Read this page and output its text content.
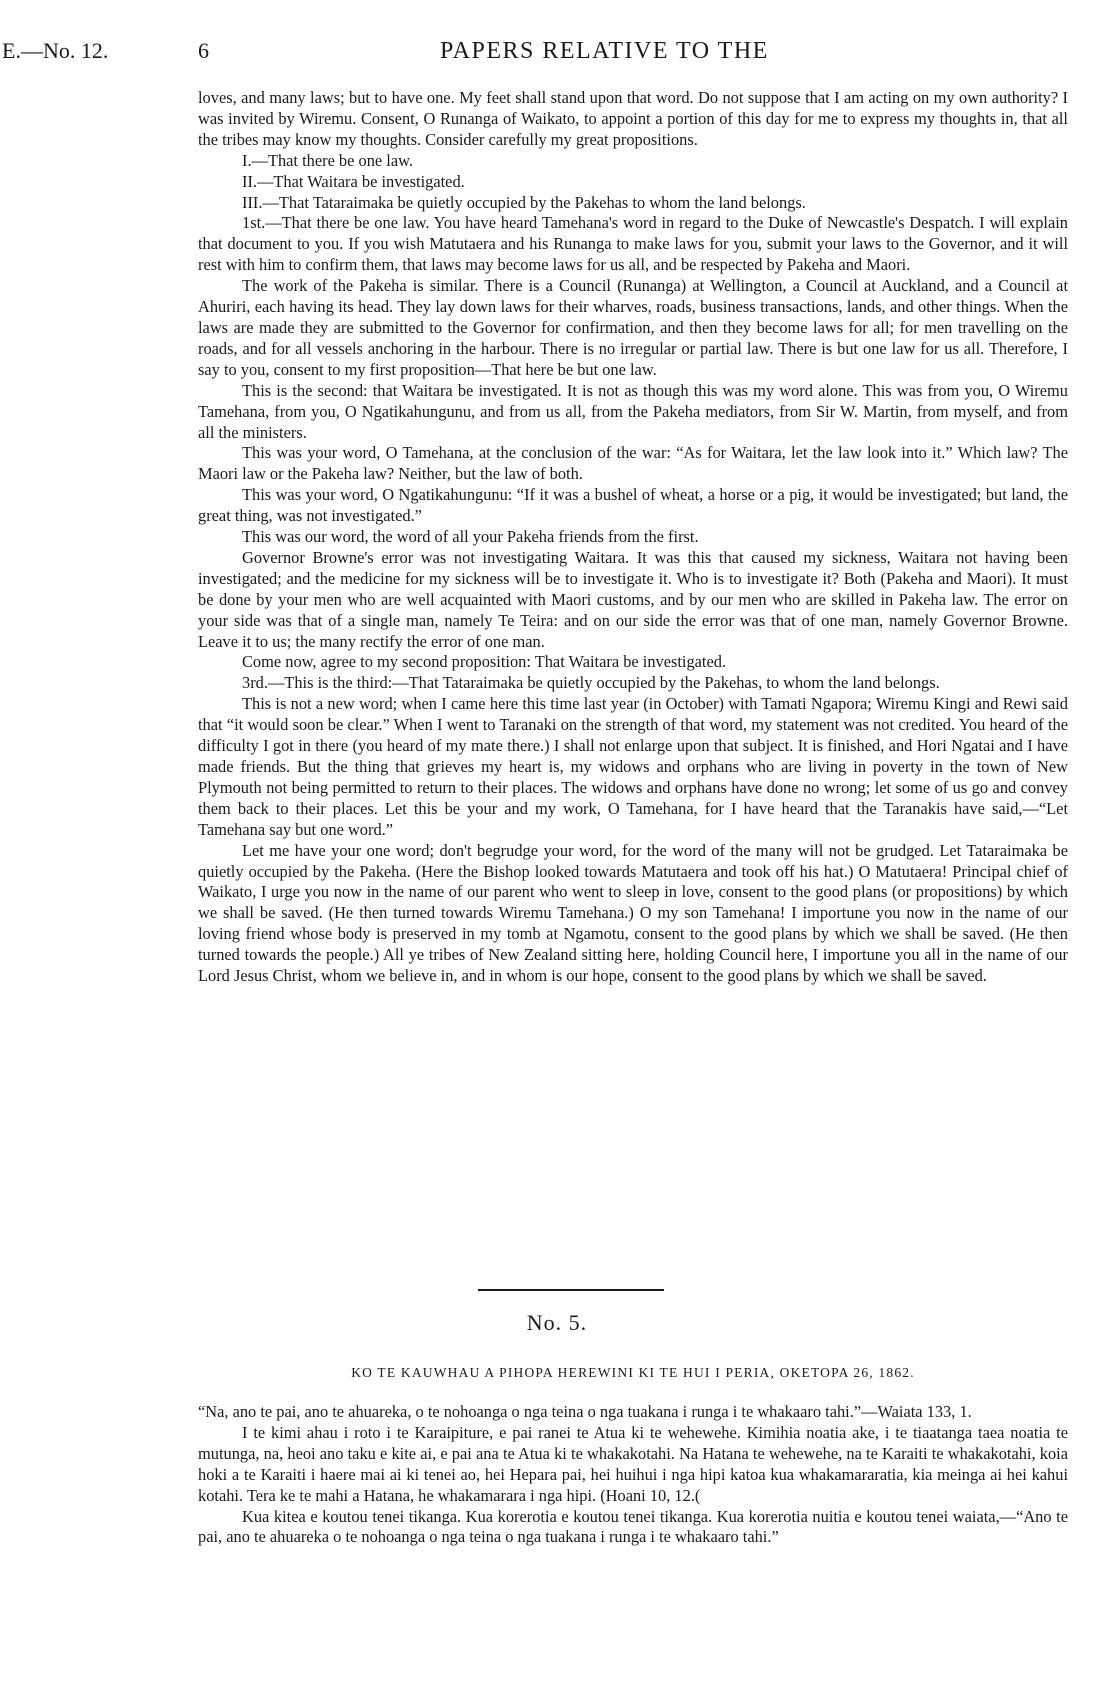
E.—No. 12.	6	PAPERS RELATIVE TO THE

loves, and many laws; but to have one. My feet shall stand upon that word. Do not suppose that I am acting on my own authority? I was invited by Wiremu. Consent, O Runanga of Waikato, to appoint a portion of this day for me to express my thoughts in, that all the tribes may know my thoughts. Consider carefully my great propositions.

I.—That there be one law.

II.—That Waitara be investigated.

III.—That Tataraimaka be quietly occupied by the Pakehas to whom the land belongs.

1st.—That there be one law. You have heard Tamehana's word in regard to the Duke of Newcastle's Despatch. I will explain that document to you. If you wish Matutaera and his Runanga to make laws for you, submit your laws to the Governor, and it will rest with him to confirm them, that laws may become laws for us all, and be respected by Pakeha and Maori.

The work of the Pakeha is similar. There is a Council (Runanga) at Wellington, a Council at Auckland, and a Council at Ahuriri, each having its head. They lay down laws for their wharves, roads, business transactions, lands, and other things. When the laws are made they are submitted to the Governor for confirmation, and then they become laws for all; for men travelling on the roads, and for all vessels anchoring in the harbour. There is no irregular or partial law. There is but one law for us all. Therefore, I say to you, consent to my first proposition—That here be but one law.

This is the second: that Waitara be investigated. It is not as though this was my word alone. This was from you, O Wiremu Tamehana, from you, O Ngatikahungunu, and from us all, from the Pakeha mediators, from Sir W. Martin, from myself, and from all the ministers.

This was your word, O Tamehana, at the conclusion of the war: “As for Waitara, let the law look into it.” Which law? The Maori law or the Pakeha law? Neither, but the law of both.

This was your word, O Ngatikahungunu: “If it was a bushel of wheat, a horse or a pig, it would be investigated; but land, the great thing, was not investigated.”

This was our word, the word of all your Pakeha friends from the first.

Governor Browne's error was not investigating Waitara. It was this that caused my sickness, Waitara not having been investigated; and the medicine for my sickness will be to investigate it. Who is to investigate it? Both (Pakeha and Maori). It must be done by your men who are well acquainted with Maori customs, and by our men who are skilled in Pakeha law. The error on your side was that of a single man, namely Te Teira: and on our side the error was that of one man, namely Governor Browne. Leave it to us; the many rectify the error of one man.

Come now, agree to my second proposition: That Waitara be investigated.

3rd.—This is the third:—That Tataraimaka be quietly occupied by the Pakehas, to whom the land belongs.

This is not a new word; when I came here this time last year (in October) with Tamati Ngapora; Wiremu Kingi and Rewi said that “it would soon be clear.” When I went to Taranaki on the strength of that word, my statement was not credited. You heard of the difficulty I got in there (you heard of my mate there.) I shall not enlarge upon that subject. It is finished, and Hori Ngatai and I have made friends. But the thing that grieves my heart is, my widows and orphans who are living in poverty in the town of New Plymouth not being permitted to return to their places. The widows and orphans have done no wrong; let some of us go and convey them back to their places. Let this be your and my work, O Tamehana, for I have heard that the Taranakis have said,—“Let Tamehana say but one word.”

Let me have your one word; don't begrudge your word, for the word of the many will not be grudged. Let Tataraimaka be quietly occupied by the Pakeha. (Here the Bishop looked towards Matutaera and took off his hat.) O Matutaera! Principal chief of Waikato, I urge you now in the name of our parent who went to sleep in love, consent to the good plans (or propositions) by which we shall be saved. (He then turned towards Wiremu Tamehana.) O my son Tamehana! I importune you now in the name of our loving friend whose body is preserved in my tomb at Ngamotu, consent to the good plans by which we shall be saved. (He then turned towards the people.) All ye tribes of New Zealand sitting here, holding Council here, I importune you all in the name of our Lord Jesus Christ, whom we believe in, and in whom is our hope, consent to the good plans by which we shall be saved.

No. 5.
KO TE KAUWHAU A PIHOPA HEREWINI KI TE HUI I PERIA, OKETOPA 26, 1862.

“Na, ano te pai, ano te ahuareka, o te nohoanga o nga teina o nga tuakana i runga i te whakaaro tahi.”—Waiata 133, 1.

I te kimi ahau i roto i te Karaipiture, e pai ranei te Atua ki te wehewehe. Kimihia noatia ake, i te tiaatanga taea noatia te mutunga, na, heoi ano taku e kite ai, e pai ana te Atua ki te whakakotahi. Na Hatana te wehewehe, na te Karaiti te whakakotahi, koia hoki a te Karaiti i haere mai ai ki tenei ao, hei Hepara pai, hei huihui i nga hipi katoa kua whakamararatia, kia meinga ai hei kahui kotahi. Tera ke te mahi a Hatana, he whakamarara i nga hipi. (Hoani 10, 12.(

Kua kitea e koutou tenei tikanga. Kua korerotia e koutou tenei tikanga. Kua korerotia nuitia e koutou tenei waiata,—“Ano te pai, ano te ahuareka o te nohoanga o nga teina o nga tuakana i runga i te whakaaro tahi.”
